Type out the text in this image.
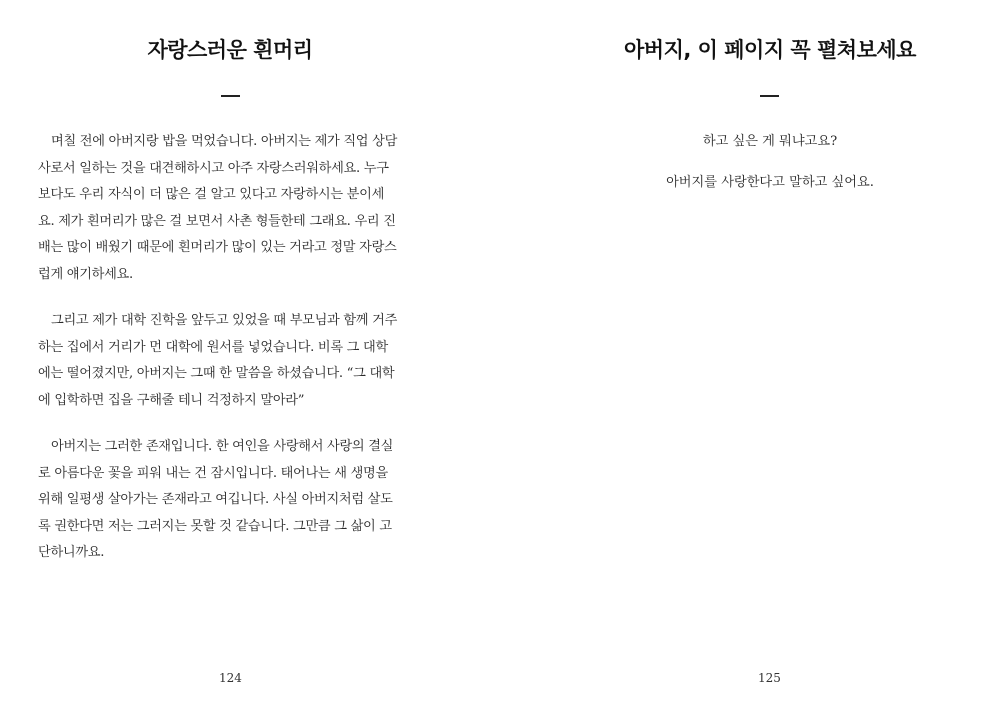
자랑스러운 흰머리
며칠 전에 아버지랑 밥을 먹었습니다. 아버지는 제가 직업 상담
사로서 일하는 것을 대견해하시고 아주 자랑스러워하세요. 누구
보다도 우리 자식이 더 많은 걸 알고 있다고 자랑하시는 분이세
요. 제가 흰머리가 많은 걸 보면서 사촌 형들한테 그래요. 우리 진
배는 많이 배웠기 때문에 흰머리가 많이 있는 거라고 정말 자랑스
럽게 얘기하세요.
그리고 제가 대학 진학을 앞두고 있었을 때 부모님과 함께 거주
하는 집에서 거리가 먼 대학에 원서를 넣었습니다. 비록 그 대학
에는 떨어졌지만, 아버지는 그때 한 말씀을 하셨습니다. “그 대학
에 입학하면 집을 구해줄 테니 걱정하지 말아라”
아버지는 그러한 존재입니다. 한 여인을 사랑해서 사랑의 결실
로 아름다운 꽃을 피워 내는 건 잠시입니다. 태어나는 새 생명을
위해 일평생 살아가는 존재라고 여깁니다. 사실 아버지처럼 살도
록 권한다면 저는 그러지는 못할 것 같습니다. 그만큼 그 삶이 고
단하니까요.
124
아버지, 이 페이지 꼭 펼쳐보세요

하고 싶은 게 뭐냐고요?

아버지를 사랑한다고 말하고 싶어요.

125
